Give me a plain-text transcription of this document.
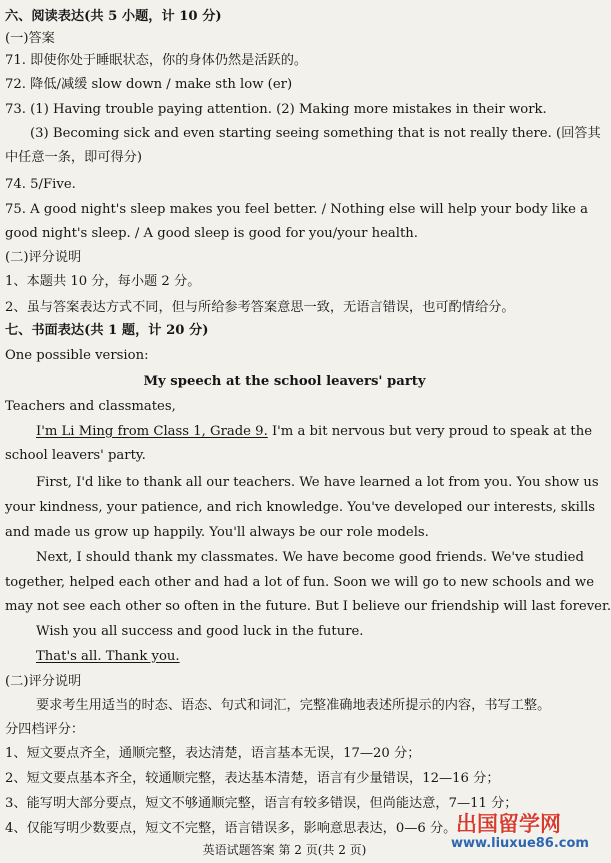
六、阅读表达(共 5 小题，计 10 分)
(一)答案
71. 即使你处于睡眠状态，你的身体仍然是活跃的。
72. 降低/减缓 slow down / make sth low (er)
73. (1) Having trouble paying attention. (2) Making more mistakes in their work.
(3) Becoming sick and even starting seeing something that is not really there. (回答其
中任意一条，即可得分)
74. 5/Five.
75. A good night's sleep makes you feel better. / Nothing else will help your body like a
good night's sleep. / A good sleep is good for you/your health.
(二)评分说明
1、本题共 10 分，每小题 2 分。
2、虽与答案表达方式不同，但与所给参考答案意思一致，无语言错误，也可酌情给分。
七、书面表达(共 1 题，计 20 分)
One possible version:
My speech at the school leavers' party
Teachers and classmates,
I'm Li Ming from Class 1, Grade 9. I'm a bit nervous but very proud to speak at the
school leavers' party.
First, I'd like to thank all our teachers. We have learned a lot from you. You show us
your kindness, your patience, and rich knowledge. You've developed our interests, skills
and made us grow up happily. You'll always be our role models.
Next, I should thank my classmates. We have become good friends. We've studied
together, helped each other and had a lot of fun. Soon we will go to new schools and we
may not see each other so often in the future. But I believe our friendship will last forever.
Wish you all success and good luck in the future.
That's all. Thank you.
(二)评分说明
要求考生用适当的时态、语态、句式和词汇，完整准确地表述所提示的内容，书写工整。
分四档评分：
1、短文要点齐全，通顺完整，表达清楚，语言基本无误，17—20 分；
2、短文要点基本齐全，较通顺完整，表达基本清楚，语言有少量错误，12—16 分；
3、能写明大部分要点，短文不够通顺完整，语言有较多错误，但尚能达意，7—11 分；
4、仅能写明少数要点，短文不完整，语言错误多，影响意思表达，0—6 分。
英语试题答案 第 2 页(共 2 页)
出国留学网
www.liuxue86.com
